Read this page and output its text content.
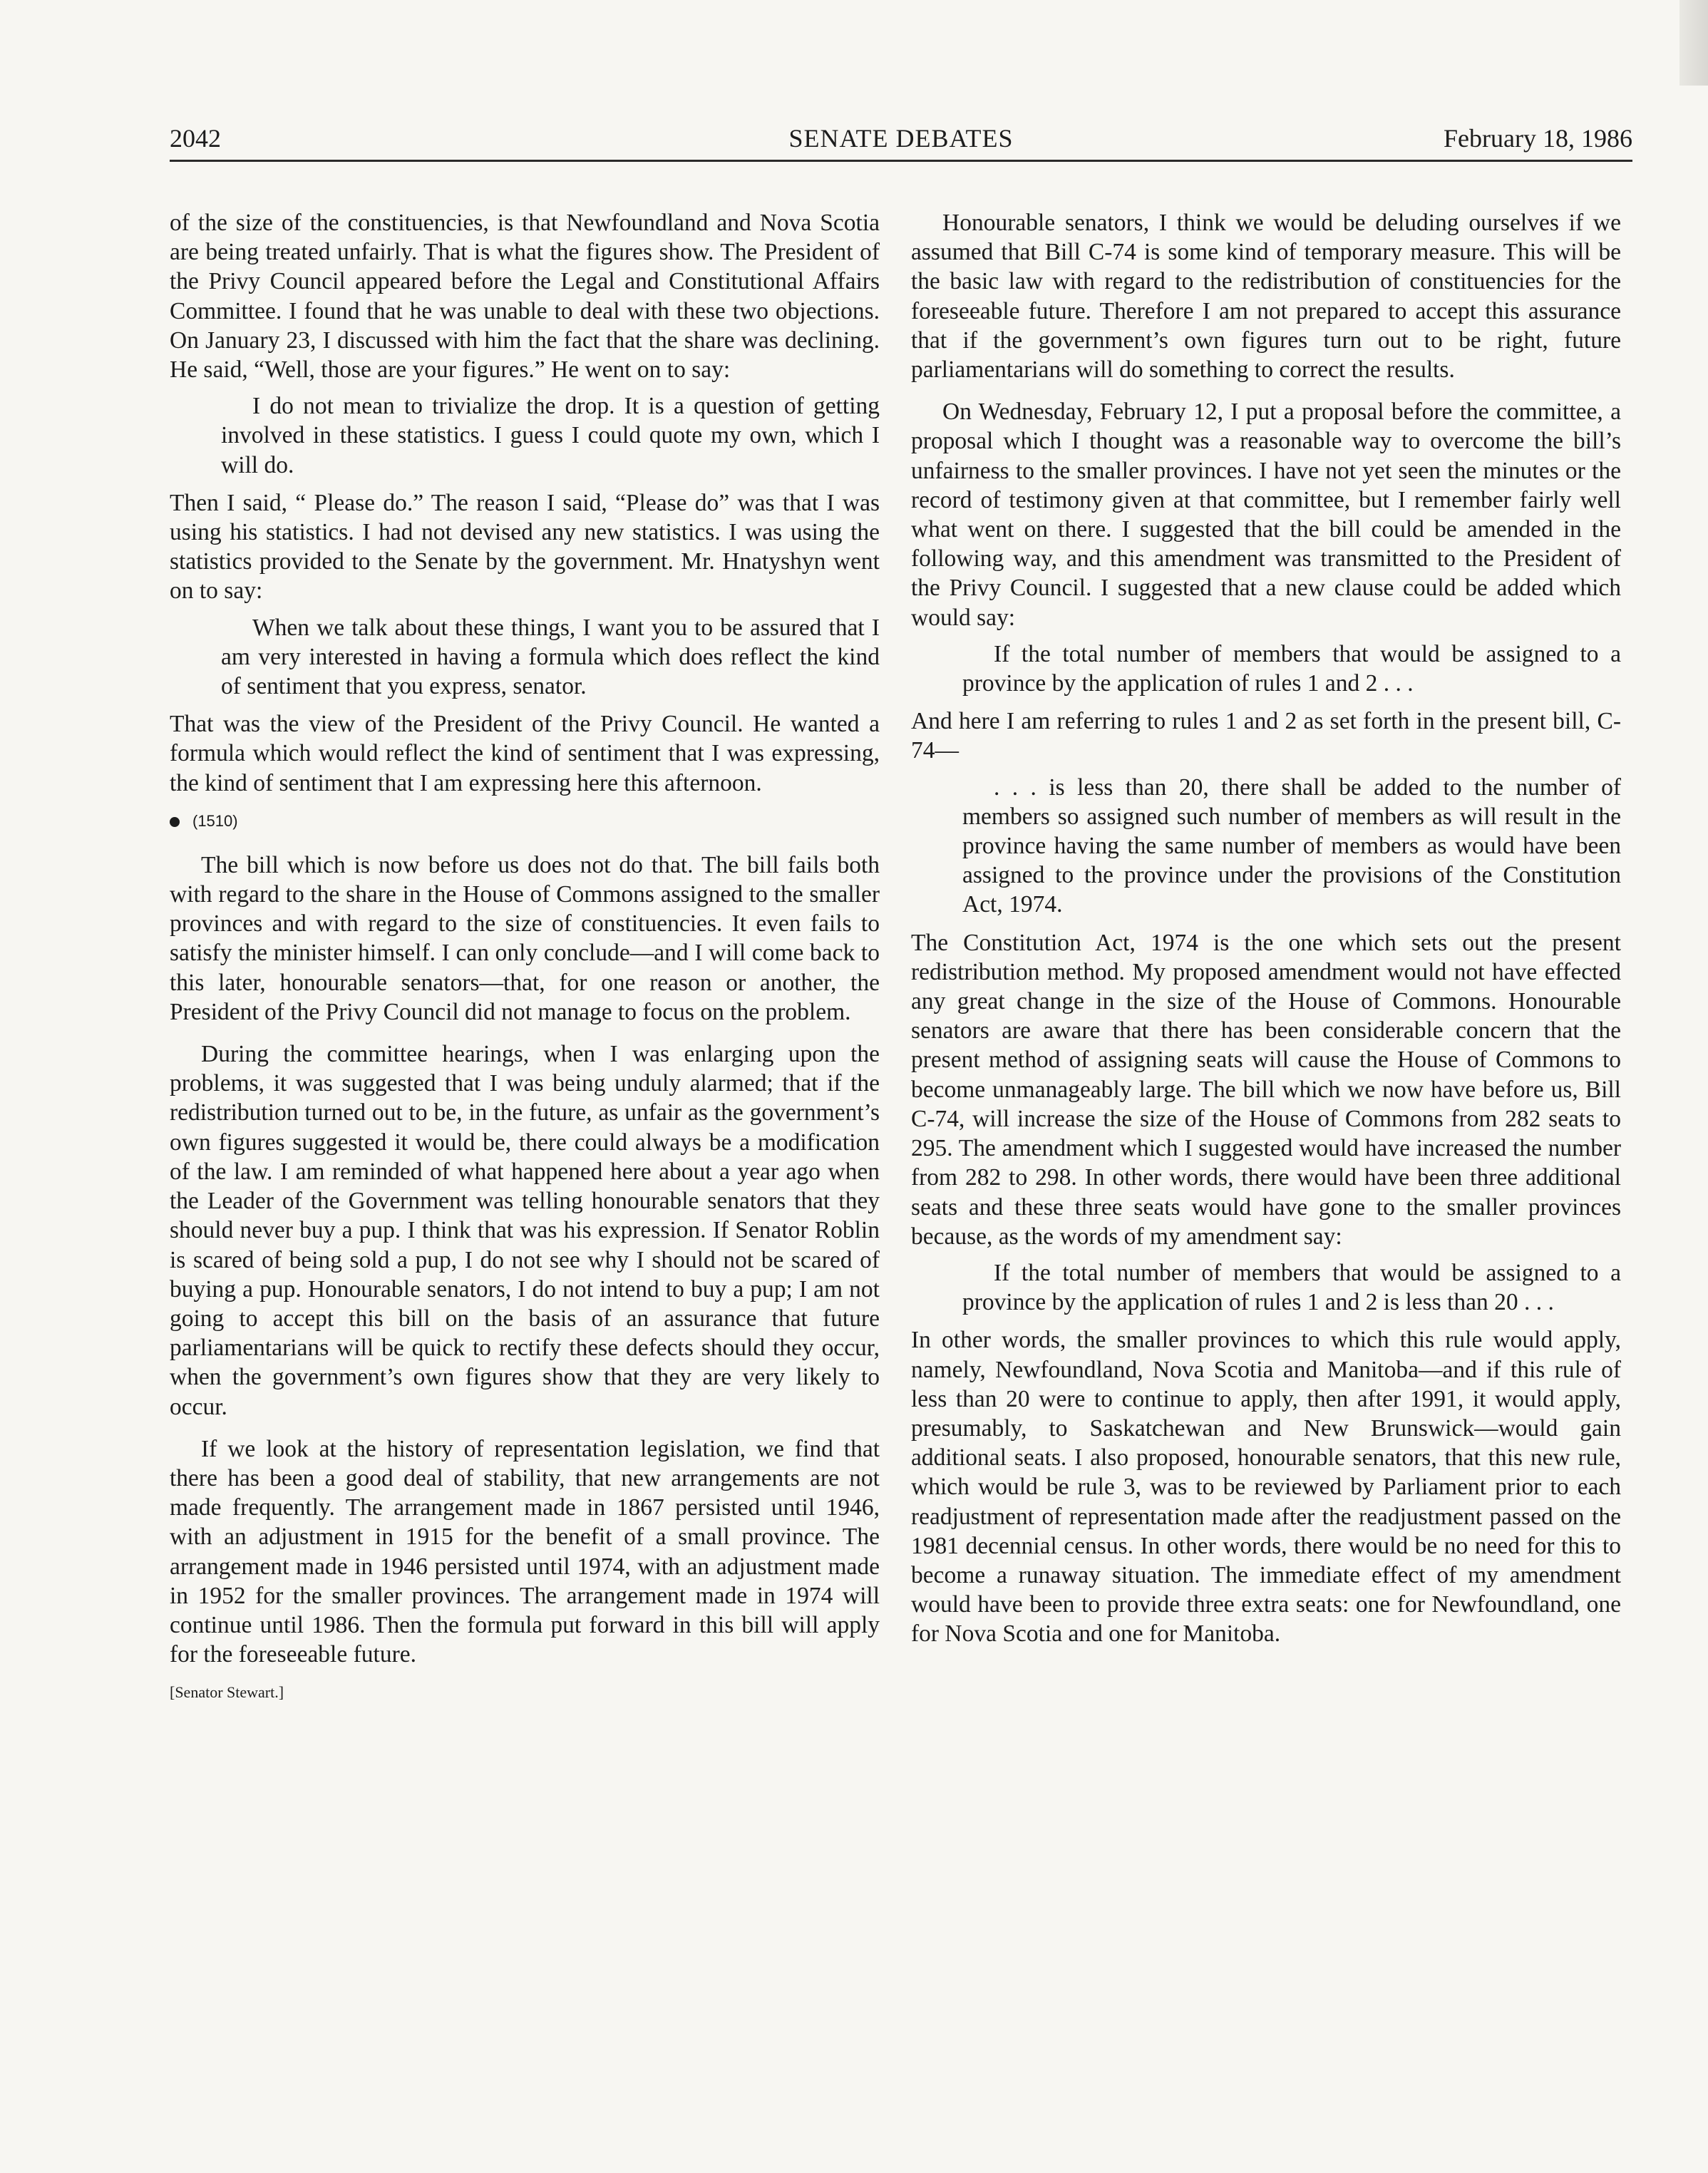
2042	SENATE DEBATES	February 18, 1986

of the size of the constituencies, is that Newfoundland and Nova Scotia are being treated unfairly. That is what the figures show. The President of the Privy Council appeared before the Legal and Constitutional Affairs Committee. I found that he was unable to deal with these two objections. On January 23, I discussed with him the fact that the share was declining. He said, “Well, those are your figures.” He went on to say:

I do not mean to trivialize the drop. It is a question of getting involved in these statistics. I guess I could quote my own, which I will do.

Then I said, “ Please do.” The reason I said, “Please do” was that I was using his statistics. I had not devised any new statistics. I was using the statistics provided to the Senate by the government. Mr. Hnatyshyn went on to say:

When we talk about these things, I want you to be assured that I am very interested in having a formula which does reflect the kind of sentiment that you express, senator.

That was the view of the President of the Privy Council. He wanted a formula which would reflect the kind of sentiment that I was expressing, the kind of sentiment that I am expressing here this afternoon.

(1510)

The bill which is now before us does not do that. The bill fails both with regard to the share in the House of Commons assigned to the smaller provinces and with regard to the size of constituencies. It even fails to satisfy the minister himself. I can only conclude—and I will come back to this later, honourable senators—that, for one reason or another, the President of the Privy Council did not manage to focus on the problem.

During the committee hearings, when I was enlarging upon the problems, it was suggested that I was being unduly alarmed; that if the redistribution turned out to be, in the future, as unfair as the government’s own figures suggested it would be, there could always be a modification of the law. I am reminded of what happened here about a year ago when the Leader of the Government was telling honourable senators that they should never buy a pup. I think that was his expression. If Senator Roblin is scared of being sold a pup, I do not see why I should not be scared of buying a pup. Honourable senators, I do not intend to buy a pup; I am not going to accept this bill on the basis of an assurance that future parliamentarians will be quick to rectify these defects should they occur, when the government’s own figures show that they are very likely to occur.

If we look at the history of representation legislation, we find that there has been a good deal of stability, that new arrangements are not made frequently. The arrangement made in 1867 persisted until 1946, with an adjustment in 1915 for the benefit of a small province. The arrangement made in 1946 persisted until 1974, with an adjustment made in 1952 for the smaller provinces. The arrangement made in 1974 will continue until 1986. Then the formula put forward in this bill will apply for the foreseeable future.

[Senator Stewart.]

Honourable senators, I think we would be deluding ourselves if we assumed that Bill C-74 is some kind of temporary measure. This will be the basic law with regard to the redistribution of constituencies for the foreseeable future. Therefore I am not prepared to accept this assurance that if the government’s own figures turn out to be right, future parliamentarians will do something to correct the results.

On Wednesday, February 12, I put a proposal before the committee, a proposal which I thought was a reasonable way to overcome the bill’s unfairness to the smaller provinces. I have not yet seen the minutes or the record of testimony given at that committee, but I remember fairly well what went on there. I suggested that the bill could be amended in the following way, and this amendment was transmitted to the President of the Privy Council. I suggested that a new clause could be added which would say:

If the total number of members that would be assigned to a province by the application of rules 1 and 2 . . .

And here I am referring to rules 1 and 2 as set forth in the present bill, C-74—

. . . is less than 20, there shall be added to the number of members so assigned such number of members as will result in the province having the same number of members as would have been assigned to the province under the provisions of the Constitution Act, 1974.

The Constitution Act, 1974 is the one which sets out the present redistribution method. My proposed amendment would not have effected any great change in the size of the House of Commons. Honourable senators are aware that there has been considerable concern that the present method of assigning seats will cause the House of Commons to become unmanageably large. The bill which we now have before us, Bill C-74, will increase the size of the House of Commons from 282 seats to 295. The amendment which I suggested would have increased the number from 282 to 298. In other words, there would have been three additional seats and these three seats would have gone to the smaller provinces because, as the words of my amendment say:

If the total number of members that would be assigned to a province by the application of rules 1 and 2 is less than 20 . . .

In other words, the smaller provinces to which this rule would apply, namely, Newfoundland, Nova Scotia and Manitoba—and if this rule of less than 20 were to continue to apply, then after 1991, it would apply, presumably, to Saskatchewan and New Brunswick—would gain additional seats. I also proposed, honourable senators, that this new rule, which would be rule 3, was to be reviewed by Parliament prior to each readjustment of representation made after the readjustment passed on the 1981 decennial census. In other words, there would be no need for this to become a runaway situation. The immediate effect of my amendment would have been to provide three extra seats: one for Newfoundland, one for Nova Scotia and one for Manitoba.
